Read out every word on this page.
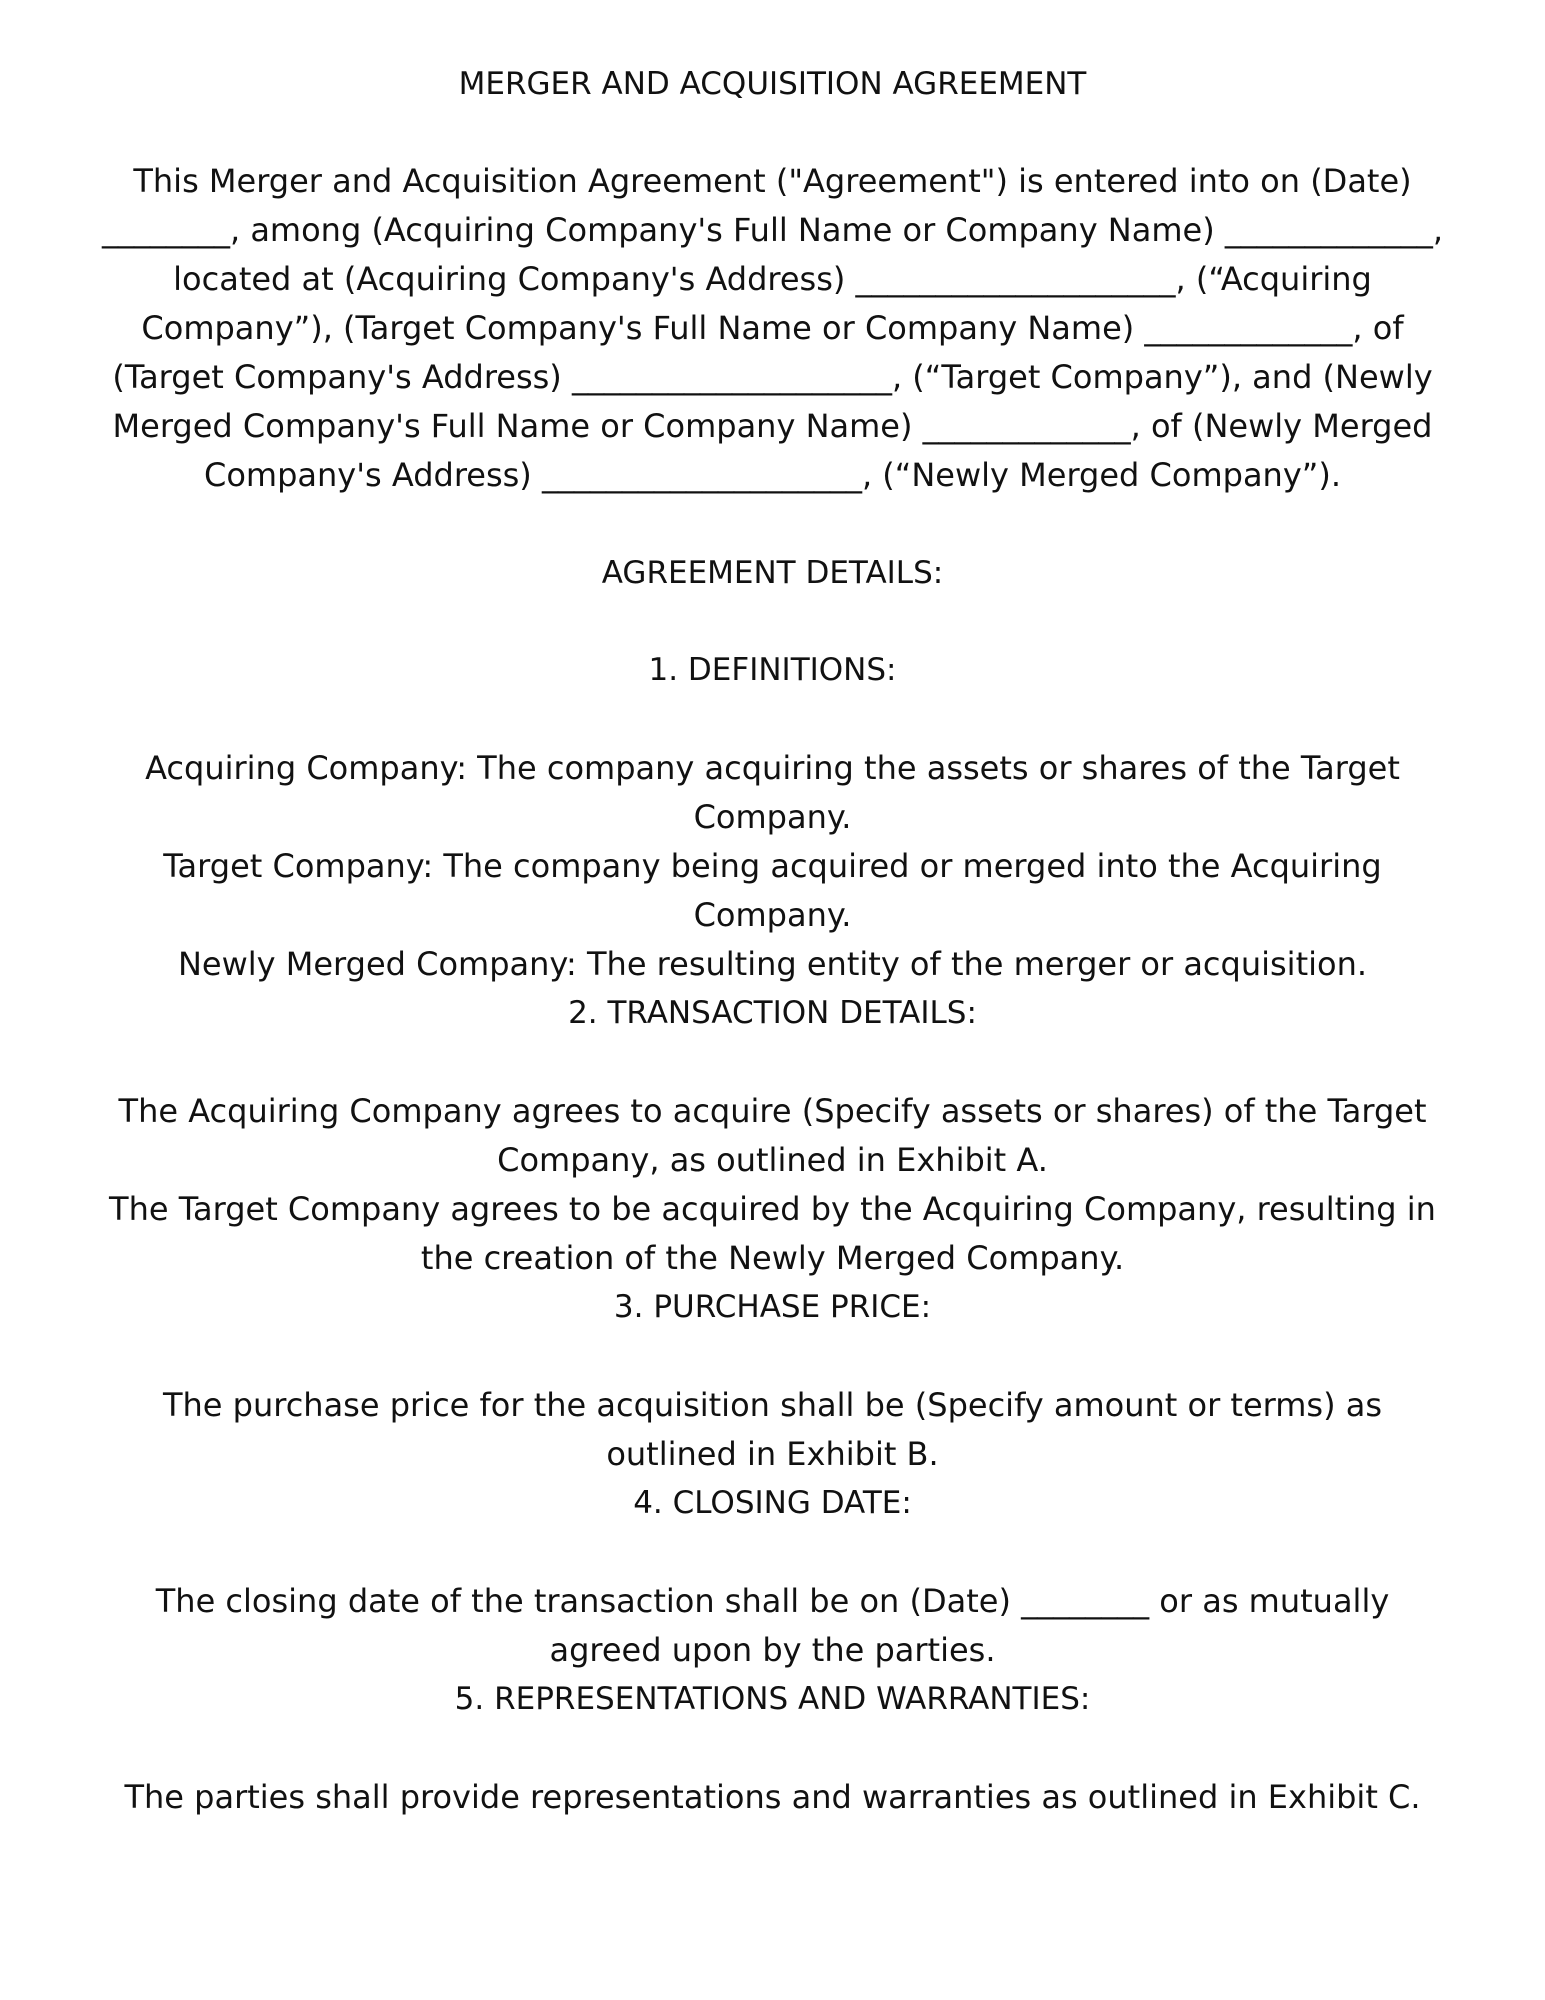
MERGER AND ACQUISITION AGREEMENT

This Merger and Acquisition Agreement ("Agreement") is entered into on (Date)
________, among (Acquiring Company's Full Name or Company Name) _____________,
located at (Acquiring Company's Address) ____________________, (“Acquiring
Company”), (Target Company's Full Name or Company Name) _____________, of
(Target Company's Address) ____________________, (“Target Company”), and (Newly
Merged Company's Full Name or Company Name) _____________, of (Newly Merged
Company's Address) ____________________, (“Newly Merged Company”).

AGREEMENT DETAILS:
1. DEFINITIONS:

Acquiring Company: The company acquiring the assets or shares of the Target
Company.
Target Company: The company being acquired or merged into the Acquiring
Company.
Newly Merged Company: The resulting entity of the merger or acquisition.

2. TRANSACTION DETAILS:

The Acquiring Company agrees to acquire (Specify assets or shares) of the Target
Company, as outlined in Exhibit A.
The Target Company agrees to be acquired by the Acquiring Company, resulting in
the creation of the Newly Merged Company.

3. PURCHASE PRICE:

The purchase price for the acquisition shall be (Specify amount or terms) as
outlined in Exhibit B.

4. CLOSING DATE:

The closing date of the transaction shall be on (Date) ________ or as mutually
agreed upon by the parties.

5. REPRESENTATIONS AND WARRANTIES:

The parties shall provide representations and warranties as outlined in Exhibit C.
